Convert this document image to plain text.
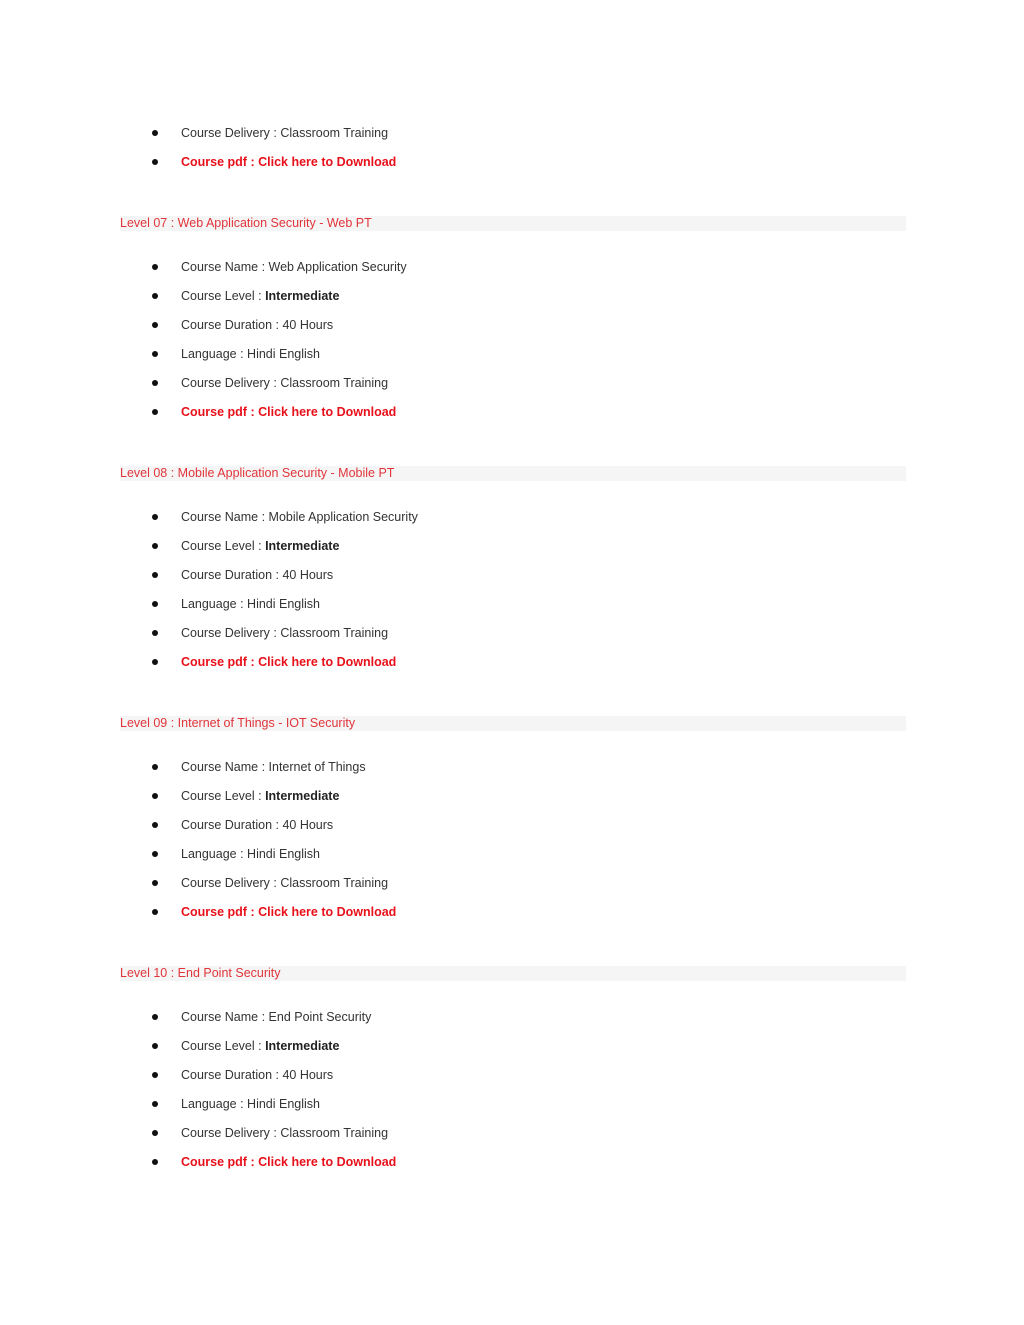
Course Delivery : Classroom Training
Course pdf : Click here to Download
Level 07 : Web Application Security - Web PT
Course Name : Web Application Security
Course Level : Intermediate
Course Duration : 40 Hours
Language : Hindi English
Course Delivery : Classroom Training
Course pdf : Click here to Download
Level 08 : Mobile Application Security - Mobile PT
Course Name : Mobile Application Security
Course Level : Intermediate
Course Duration : 40 Hours
Language : Hindi English
Course Delivery : Classroom Training
Course pdf : Click here to Download
Level 09 : Internet of Things - IOT Security
Course Name : Internet of Things
Course Level : Intermediate
Course Duration : 40 Hours
Language : Hindi English
Course Delivery : Classroom Training
Course pdf : Click here to Download
Level 10 : End Point Security
Course Name : End Point Security
Course Level : Intermediate
Course Duration : 40 Hours
Language : Hindi English
Course Delivery : Classroom Training
Course pdf : Click here to Download
